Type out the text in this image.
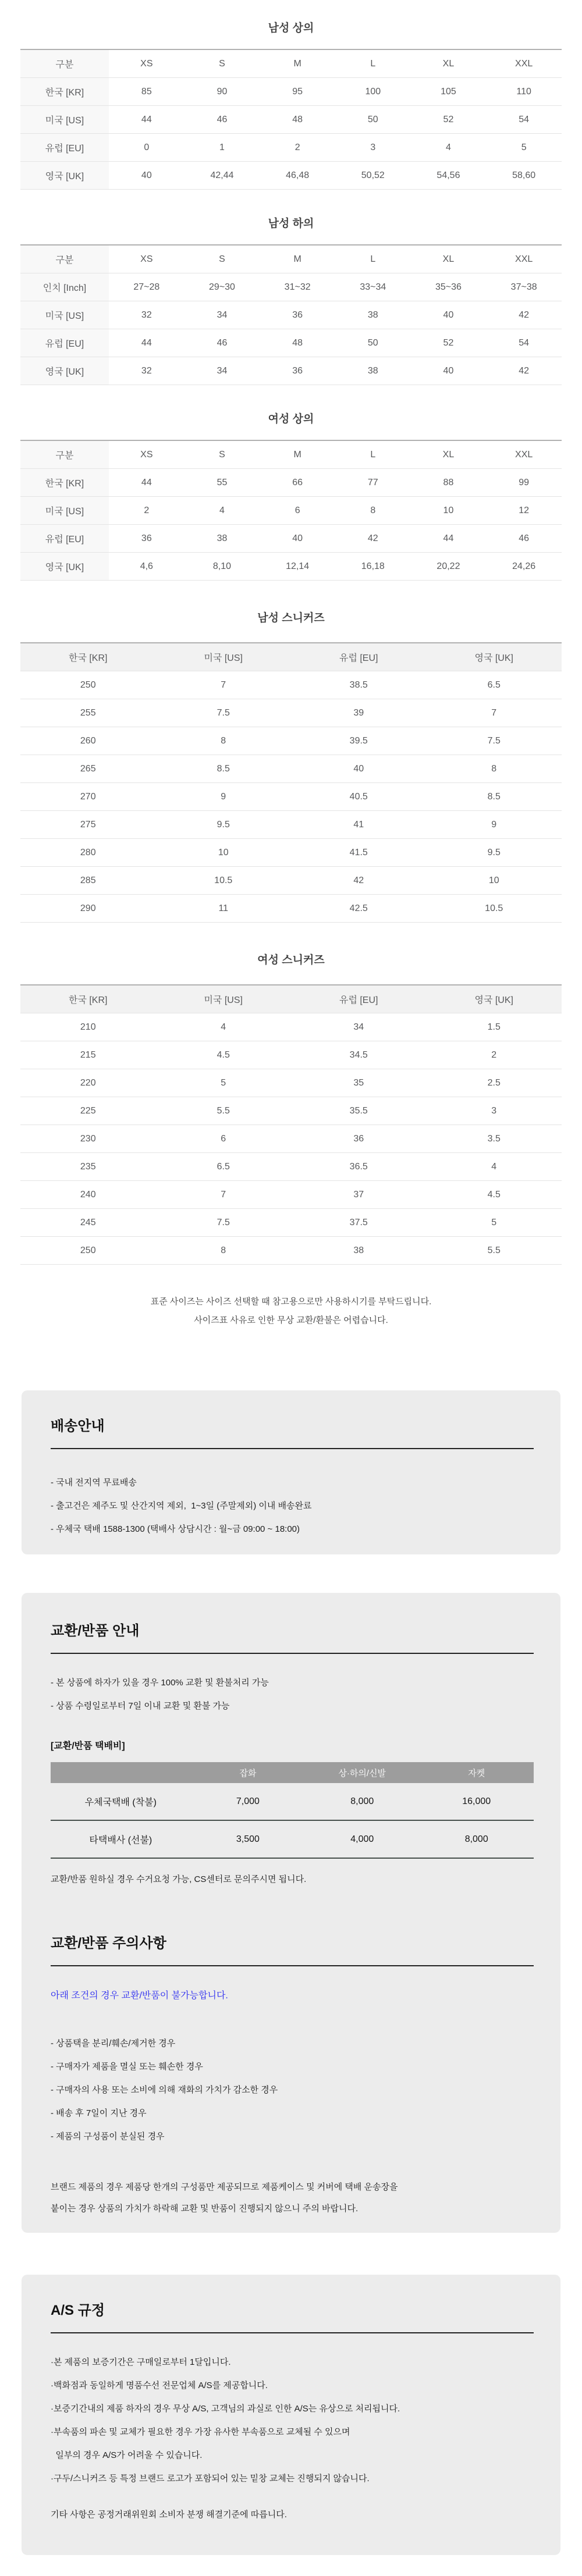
남성 상의
구분	XS	S	M	L	XL	XXL
한국 [KR]	85	90	95	100	105	110
미국 [US]	44	46	48	50	52	54
유럽 [EU]	0	1	2	3	4	5
영국 [UK]	40	42,44	46,48	50,52	54,56	58,60
남성 하의
구분	XS	S	M	L	XL	XXL
인치 [Inch]	27~28	29~30	31~32	33~34	35~36	37~38
미국 [US]	32	34	36	38	40	42
유럽 [EU]	44	46	48	50	52	54
영국 [UK]	32	34	36	38	40	42
여성 상의
구분	XS	S	M	L	XL	XXL
한국 [KR]	44	55	66	77	88	99
미국 [US]	2	4	6	8	10	12
유럽 [EU]	36	38	40	42	44	46
영국 [UK]	4,6	8,10	12,14	16,18	20,22	24,26
남성 스니커즈
한국 [KR]	미국 [US]	유럽 [EU]	영국 [UK]
250	7	38.5	6.5
255	7.5	39	7
260	8	39.5	7.5
265	8.5	40	8
270	9	40.5	8.5
275	9.5	41	9
280	10	41.5	9.5
285	10.5	42	10
290	11	42.5	10.5
여성 스니커즈
한국 [KR]	미국 [US]	유럽 [EU]	영국 [UK]
210	4	34	1.5
215	4.5	34.5	2
220	5	35	2.5
225	5.5	35.5	3
230	6	36	3.5
235	6.5	36.5	4
240	7	37	4.5
245	7.5	37.5	5
250	8	38	5.5
표준 사이즈는 사이즈 선택할 때 참고용으로만 사용하시기를 부탁드립니다.
사이즈표 사유로 인한 무상 교환/환불은 어렵습니다.
배송안내
- 국내 전지역 무료배송
- 출고건은 제주도 및 산간지역 제외,  1~3일 (주말제외) 이내 배송완료
- 우체국 택배 1588-1300 (택배사 상담시간 : 월~금 09:00 ~ 18:00)
교환/반품 안내
- 본 상품에 하자가 있을 경우 100% 교환 및 환불처리 가능
- 상품 수령일로부터 7일 이내 교환 및 환불 가능
[교환/반품 택배비]
	잡화	상·하의/신발	자켓
우체국택배 (착불)	7,000	8,000	16,000
타택배사 (선불)	3,500	4,000	8,000
교환/반품 원하실 경우 수거요청 가능, CS센터로 문의주시면 됩니다.
교환/반품 주의사항
아래 조건의 경우 교환/반품이 불가능합니다.
- 상품택을 분리/훼손/제거한 경우
- 구매자가 제품을 멸실 또는 훼손한 경우
- 구매자의 사용 또는 소비에 의해 재화의 가치가 감소한 경우
- 배송 후 7일이 지난 경우
- 제품의 구성품이 분실된 경우
브랜드 제품의 경우 제품당 한개의 구성품만 제공되므로 제품케이스 및 커버에 택배 운송장을
붙이는 경우 상품의 가치가 하락해 교환 및 반품이 진행되지 않으니 주의 바랍니다.
A/S 규정
·본 제품의 보증기간은 구매일로부터 1달입니다.
·백화점과 동일하게 명품수선 전문업체 A/S를 제공합니다.
·보증기간내의 제품 하자의 경우 무상 A/S, 고객님의 과실로 인한 A/S는 유상으로 처리됩니다.
·부속품의 파손 및 교체가 필요한 경우 가장 유사한 부속품으로 교체될 수 있으며
일부의 경우 A/S가 어려울 수 있습니다.
·구두/스니커즈 등 특정 브랜드 로고가 포함되어 있는 밑창 교체는 진행되지 않습니다.
기타 사항은 공정거래위원회 소비자 분쟁 해결기준에 따릅니다.
